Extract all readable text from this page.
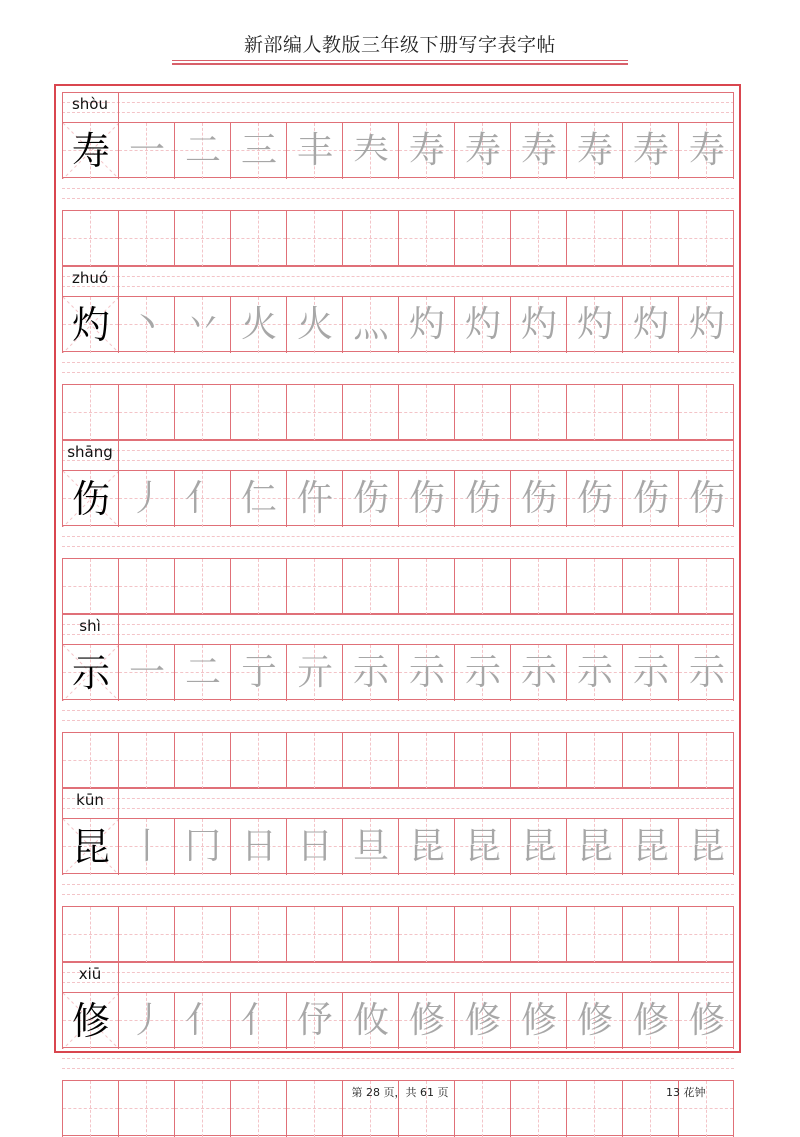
新部编人教版三年级下册写字表字帖
shòu
寿 一 二 三 丰 𡗗 寿 寿 寿 寿 寿 寿
zhuó
灼 丶 丷 火 火 灬 灼 灼 灼 灼 灼 灼
shāng
伤 丿 亻 仁 仵 伤 伤 伤 伤 伤 伤 伤
shì
示 一 二 亍 亓 示 示 示 示 示 示 示
kūn
昆 丨 冂 日 日 旦 昆 昆 昆 昆 昆 昆
xiū
修 丿 亻 亻 伃 攸 修 修 修 修 修 修
第 28 页，共 61 页	13 花钟
